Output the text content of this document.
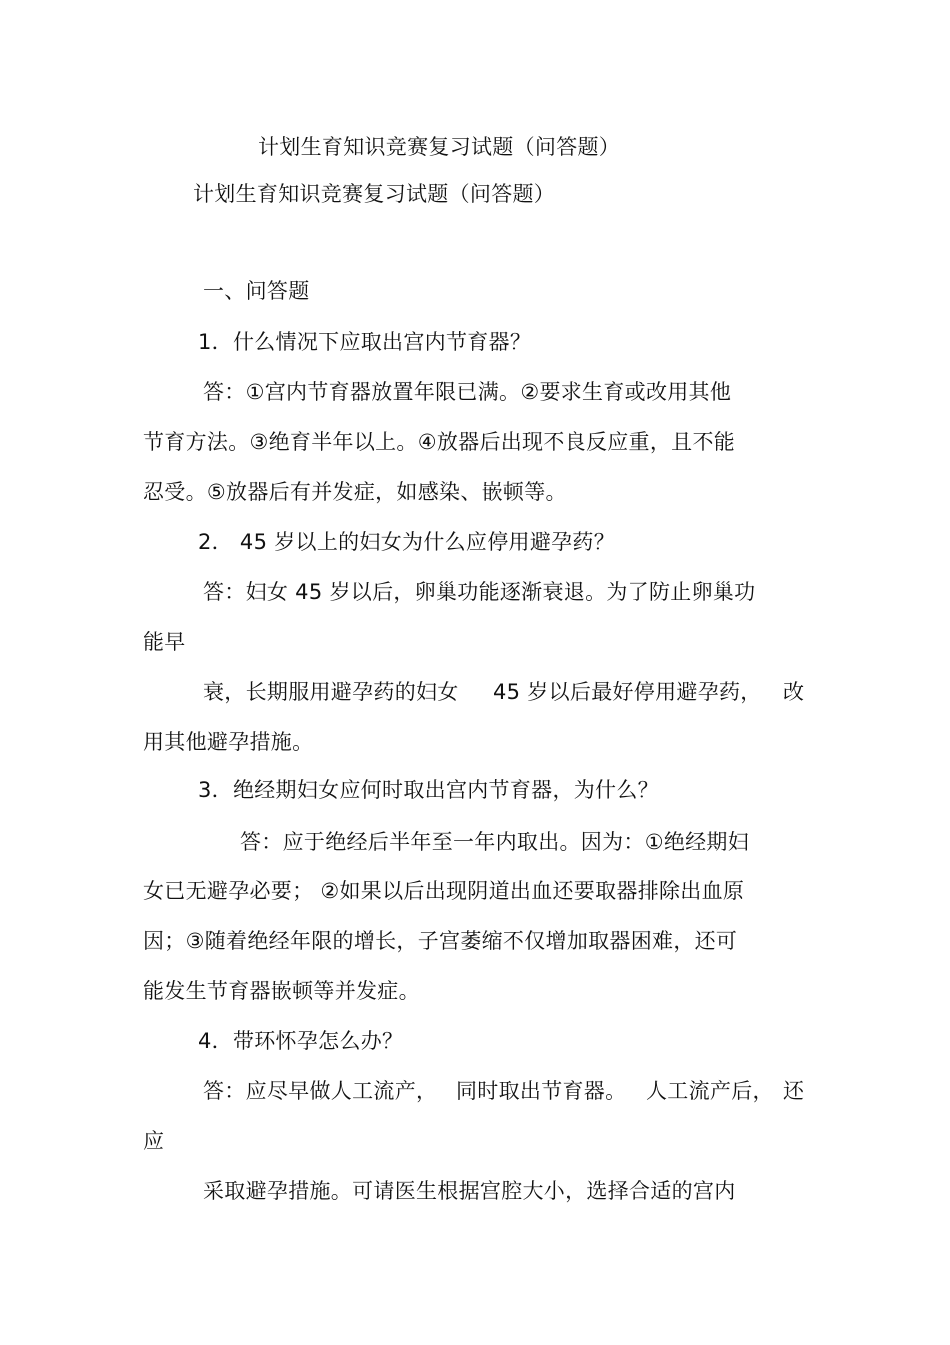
计划生育知识竞赛复习试题（问答题）
计划生育知识竞赛复习试题（问答题）
一、问答题
1．什么情况下应取出宫内节育器？
答：①宫内节育器放置年限已满。②要求生育或改用其他
节育方法。③绝育半年以上。④放器后出现不良反应重，且不能
忍受。⑤放器后有并发症，如感染、嵌顿等。
2． 45 岁以上的妇女为什么应停用避孕药？
答：妇女 45 岁以后，卵巢功能逐渐衰退。为了防止卵巢功
能早
衰，长期服用避孕药的妇女 45 岁以后最好停用避孕药， 改
用其他避孕措施。
3．绝经期妇女应何时取出宫内节育器，为什么？
答：应于绝经后半年至一年内取出。因为：①绝经期妇
女已无避孕必要； ②如果以后出现阴道出血还要取器排除出血原
因；③随着绝经年限的增长，子宫萎缩不仅增加取器困难，还可
能发生节育器嵌顿等并发症。
4．带环怀孕怎么办？
答：应尽早做人工流产， 同时取出节育器。 人工流产后， 还
应
采取避孕措施。可请医生根据宫腔大小，选择合适的宫内
